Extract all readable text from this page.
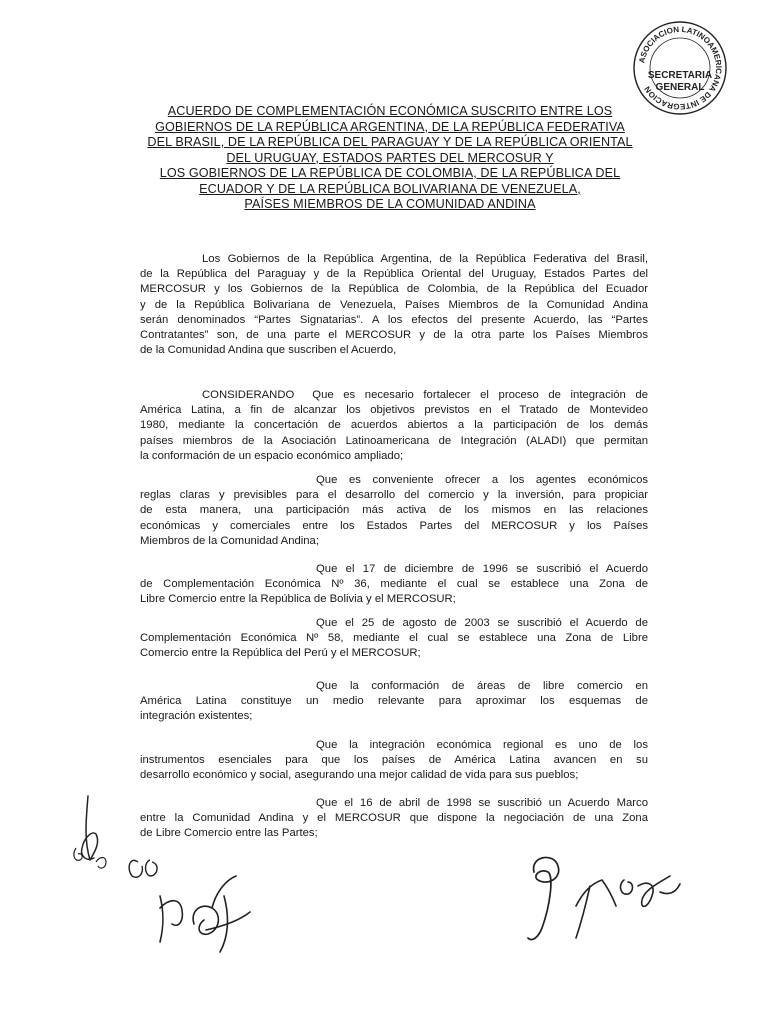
ASOCIACION LATINOAMERICANA DE INTEGRACION
SECRETARIA
GENERAL
ACUERDO DE COMPLEMENTACIÓN ECONÓMICA SUSCRITO ENTRE LOS
GOBIERNOS DE LA REPÚBLICA ARGENTINA, DE LA REPÚBLICA FEDERATIVA
DEL BRASIL, DE LA REPÚBLICA DEL PARAGUAY Y DE LA REPÚBLICA ORIENTAL
DEL URUGUAY, ESTADOS PARTES DEL MERCOSUR Y
LOS GOBIERNOS DE LA REPÚBLICA DE COLOMBIA, DE LA REPÚBLICA DEL
ECUADOR Y DE LA REPÚBLICA BOLIVARIANA DE VENEZUELA,
PAÍSES MIEMBROS DE LA COMUNIDAD ANDINA
Los Gobiernos de la República Argentina, de la República Federativa del Brasil,
de la República del Paraguay y de la República Oriental del Uruguay, Estados Partes del
MERCOSUR y los Gobiernos de la República de Colombia, de la República del Ecuador
y de la República Bolivariana de Venezuela, Países Miembros de la Comunidad Andina
serán denominados “Partes Signatarias”. A los efectos del presente Acuerdo, las “Partes
Contratantes” son, de una parte el MERCOSUR y de la otra parte los Países Miembros
de la Comunidad Andina que suscriben el Acuerdo,
CONSIDERANDO Que es necesario fortalecer el proceso de integración de
América Latina, a fin de alcanzar los objetivos previstos en el Tratado de Montevideo
1980, mediante la concertación de acuerdos abiertos a la participación de los demás
países miembros de la Asociación Latinoamericana de Integración (ALADI) que permitan
la conformación de un espacio económico ampliado;
Que es conveniente ofrecer a los agentes económicos
reglas claras y previsibles para el desarrollo del comercio y la inversión, para propiciar
de esta manera, una participación más activa de los mismos en las relaciones
económicas y comerciales entre los Estados Partes del MERCOSUR y los Países
Miembros de la Comunidad Andina;
Que el 17 de diciembre de 1996 se suscribió el Acuerdo
de Complementación Económica Nº 36, mediante el cual se establece una Zona de
Libre Comercio entre la República de Bolivia y el MERCOSUR;
Que el 25 de agosto de 2003 se suscribió el Acuerdo de
Complementación Económica Nº 58, mediante el cual se establece una Zona de Libre
Comercio entre la República del Perú y el MERCOSUR;
Que la conformación de áreas de libre comercio en
América Latina constituye un medio relevante para aproximar los esquemas de
integración existentes;
Que la integración económica regional es uno de los
instrumentos esenciales para que los países de América Latina avancen en su
desarrollo económico y social, asegurando una mejor calidad de vida para sus pueblos;
Que el 16 de abril de 1998 se suscribió un Acuerdo Marco
entre la Comunidad Andina y el MERCOSUR que dispone la negociación de una Zona
de Libre Comercio entre las Partes;
